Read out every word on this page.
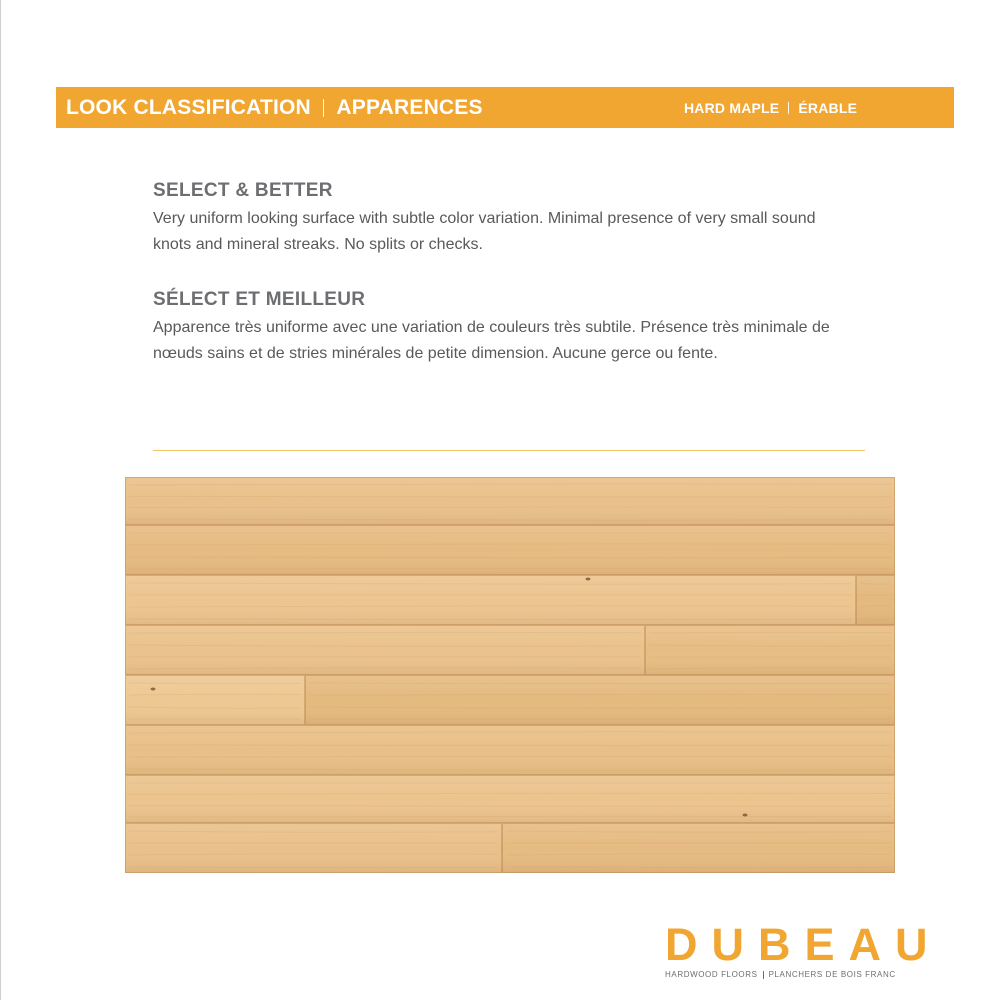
LOOK CLASSIFICATION APPARENCES	HARD MAPLE ÉRABLE
SELECT & BETTER

Very uniform looking surface with subtle color variation. Minimal presence of very small sound knots and mineral streaks. No splits or checks.

SÉLECT ET MEILLEUR

Apparence très uniforme avec une variation de couleurs très subtile. Présence très minimale de nœuds sains et de stries minérales de petite dimension. Aucune gerce ou fente.

DUBEAU
HARDWOOD FLOORS PLANCHERS DE BOIS FRANC
